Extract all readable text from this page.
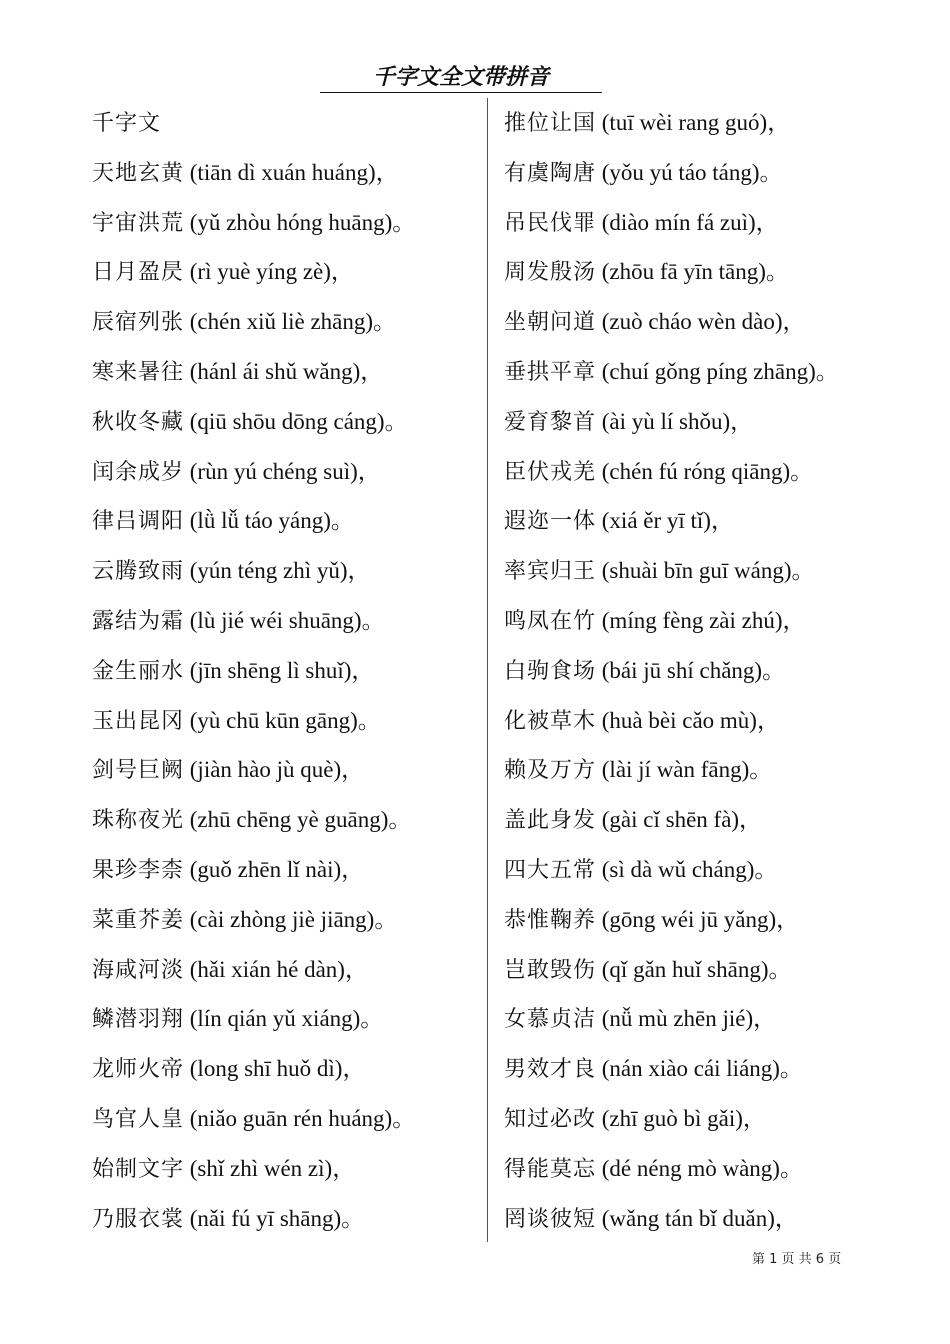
千字文全文带拼音
千字文
天地玄黄 (tiān dì xuán huáng)，
宇宙洪荒 (yǔ zhòu hóng huāng)。
日月盈昃 (rì yuè yíng zè)，
辰宿列张 (chén xiǔ liè zhāng)。
寒来暑往 (hánl ái shǔ wǎng)，
秋收冬藏 (qiū shōu dōng cáng)。
闰余成岁 (rùn yú chéng suì)，
律吕调阳 (lǜ lǚ táo yáng)。
云腾致雨 (yún téng zhì yǔ)，
露结为霜 (lù jié wéi shuāng)。
金生丽水 (jīn shēng lì shuǐ)，
玉出昆冈 (yù chū kūn gāng)。
剑号巨阙 (jiàn hào jù què)，
珠称夜光 (zhū chēng yè guāng)。
果珍李柰 (guǒ zhēn lǐ nài)，
菜重芥姜 (cài zhòng jiè jiāng)。
海咸河淡 (hǎi xián hé dàn)，
鳞潜羽翔 (lín qián yǔ xiáng)。
龙师火帝 (long shī huǒ dì)，
鸟官人皇 (niǎo guān rén huáng)。
始制文字 (shǐ zhì wén zì)，
乃服衣裳 (nǎi fú yī shāng)。
推位让国 (tuī wèi rang guó)，
有虞陶唐 (yǒu yú táo táng)。
吊民伐罪 (diào mín fá zuì)，
周发殷汤 (zhōu fā yīn tāng)。
坐朝问道 (zuò cháo wèn dào)，
垂拱平章 (chuí gǒng píng zhāng)。
爱育黎首 (ài yù lí shǒu)，
臣伏戎羌 (chén fú róng qiāng)。
遐迩一体 (xiá ěr yī tǐ)，
率宾归王 (shuài bīn guī wáng)。
鸣凤在竹 (míng fèng zài zhú)，
白驹食场 (bái jū shí chǎng)。
化被草木 (huà bèi cǎo mù)，
赖及万方 (lài jí wàn fāng)。
盖此身发 (gài cǐ shēn fà)，
四大五常 (sì dà wǔ cháng)。
恭惟鞠养 (gōng wéi jū yǎng)，
岂敢毁伤 (qǐ gǎn huǐ shāng)。
女慕贞洁 (nǚ mù zhēn jié)，
男效才良 (nán xiào cái liáng)。
知过必改 (zhī guò bì gǎi)，
得能莫忘 (dé néng mò wàng)。
罔谈彼短 (wǎng tán bǐ duǎn)，
第 1 页 共 6 页
